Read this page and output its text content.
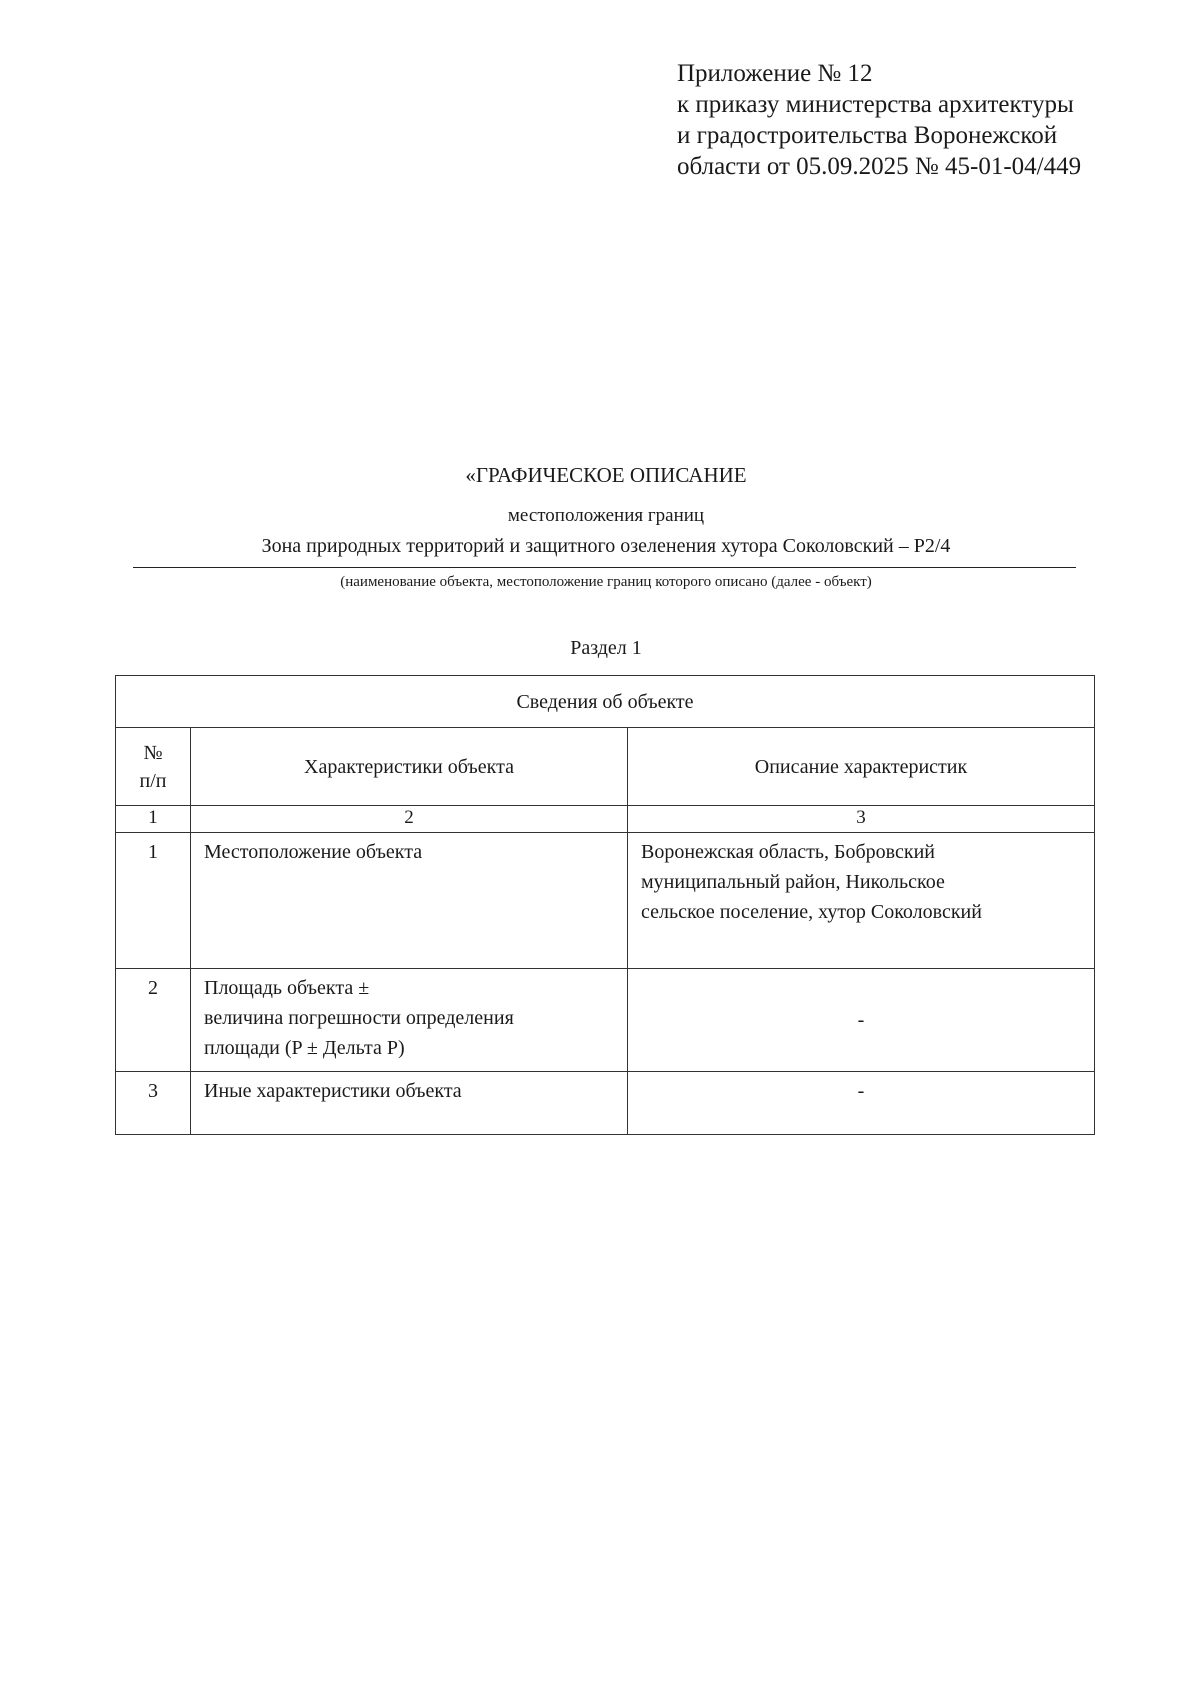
Приложение № 12
к приказу министерства архитектуры
и градостроительства Воронежской
области от 05.09.2025 № 45-01-04/449
«ГРАФИЧЕСКОЕ ОПИСАНИЕ
местоположения границ
Зона природных территорий и защитного озеленения хутора Соколовский – Р2/4
(наименование объекта, местоположение границ которого описано (далее - объект)
Раздел 1
Сведения об объекте		

№
п/п	Характеристики объекта	Описание характеристик
1	2	3
1	Местоположение объекта	Воронежская область, Бобровский
муниципальный район, Никольское
сельское поселение, хутор Соколовский

2	Площадь объекта ±
величина погрешности определения
площади (P ± Дельта P)	-
3	Иные характеристики объекта	-
